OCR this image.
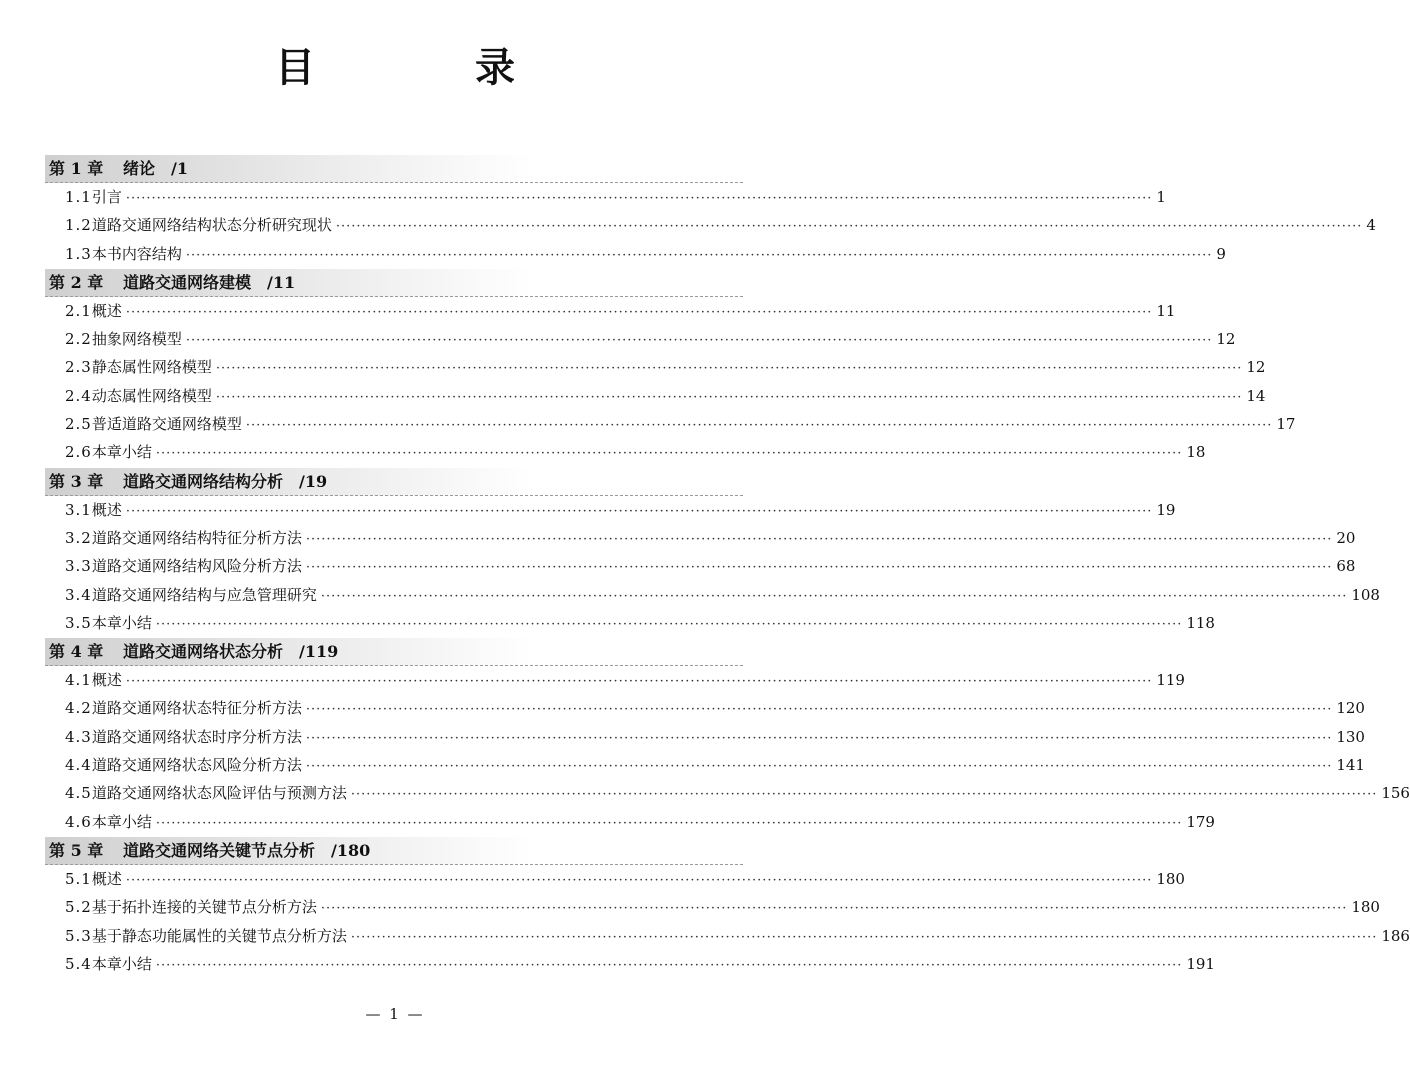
目　录
第 1 章 绪论 /1
1.1 引言 ········································································································································································································ 1
1.2 道路交通网络结构状态分析研究现状 ········································································································································································································ 4
1.3 本书内容结构 ········································································································································································································ 9
第 2 章 道路交通网络建模 /11
2.1 概述 ········································································································································································································ 11
2.2 抽象网络模型 ········································································································································································································ 12
2.3 静态属性网络模型 ········································································································································································································ 12
2.4 动态属性网络模型 ········································································································································································································ 14
2.5 普适道路交通网络模型 ········································································································································································································ 17
2.6 本章小结 ········································································································································································································ 18
第 3 章 道路交通网络结构分析 /19
3.1 概述 ········································································································································································································ 19
3.2 道路交通网络结构特征分析方法 ········································································································································································································ 20
3.3 道路交通网络结构风险分析方法 ········································································································································································································ 68
3.4 道路交通网络结构与应急管理研究 ········································································································································································································ 108
3.5 本章小结 ········································································································································································································ 118
第 4 章 道路交通网络状态分析 /119
4.1 概述 ········································································································································································································ 119
4.2 道路交通网络状态特征分析方法 ········································································································································································································ 120
4.3 道路交通网络状态时序分析方法 ········································································································································································································ 130
4.4 道路交通网络状态风险分析方法 ········································································································································································································ 141
4.5 道路交通网络状态风险评估与预测方法 ········································································································································································································ 156
4.6 本章小结 ········································································································································································································ 179
第 5 章 道路交通网络关键节点分析 /180
5.1 概述 ········································································································································································································ 180
5.2 基于拓扑连接的关键节点分析方法 ········································································································································································································ 180
5.3 基于静态功能属性的关键节点分析方法 ········································································································································································································ 186
5.4 本章小结 ········································································································································································································ 191
— 1 —
